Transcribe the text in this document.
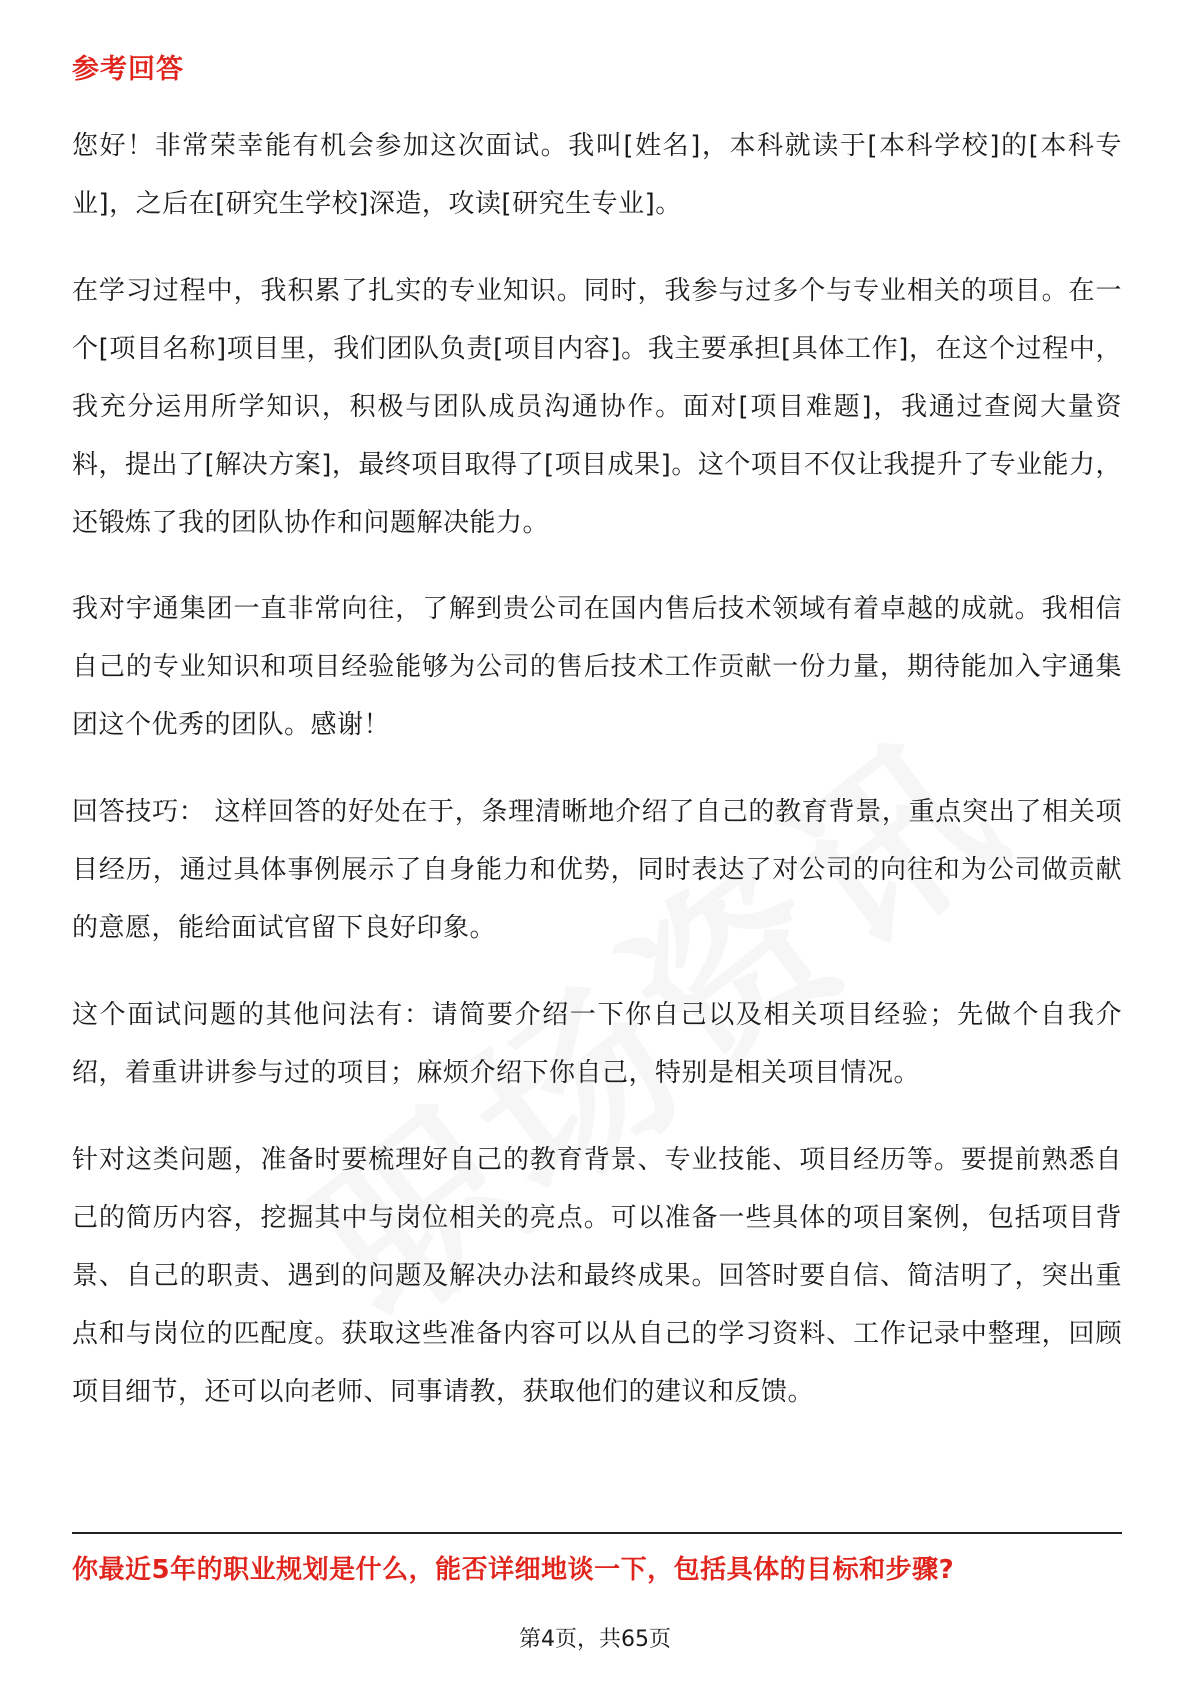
参考回答

您好！非常荣幸能有机会参加这次面试。我叫[姓名]，本科就读于[本科学校]的[本科专业]，之后在[研究生学校]深造，攻读[研究生专业]。

在学习过程中，我积累了扎实的专业知识。同时，我参与过多个与专业相关的项目。在一个[项目名称]项目里，我们团队负责[项目内容]。我主要承担[具体工作]，在这个过程中，我充分运用所学知识，积极与团队成员沟通协作。面对[项目难题]，我通过查阅大量资料，提出了[解决方案]，最终项目取得了[项目成果]。这个项目不仅让我提升了专业能力，还锻炼了我的团队协作和问题解决能力。

我对宇通集团一直非常向往，了解到贵公司在国内售后技术领域有着卓越的成就。我相信自己的专业知识和项目经验能够为公司的售后技术工作贡献一份力量，期待能加入宇通集团这个优秀的团队。感谢！

回答技巧： 这样回答的好处在于，条理清晰地介绍了自己的教育背景，重点突出了相关项目经历，通过具体事例展示了自身能力和优势，同时表达了对公司的向往和为公司做贡献的意愿，能给面试官留下良好印象。

这个面试问题的其他问法有：请简要介绍一下你自己以及相关项目经验；先做个自我介绍，着重讲讲参与过的项目；麻烦介绍下你自己，特别是相关项目情况。

针对这类问题，准备时要梳理好自己的教育背景、专业技能、项目经历等。要提前熟悉自己的简历内容，挖掘其中与岗位相关的亮点。可以准备一些具体的项目案例，包括项目背景、自己的职责、遇到的问题及解决办法和最终成果。回答时要自信、简洁明了，突出重点和与岗位的匹配度。获取这些准备内容可以从自己的学习资料、工作记录中整理，回顾项目细节，还可以向老师、同事请教，获取他们的建议和反馈。

你最近5年的职业规划是什么，能否详细地谈一下，包括具体的目标和步骤?
第4页，共65页
